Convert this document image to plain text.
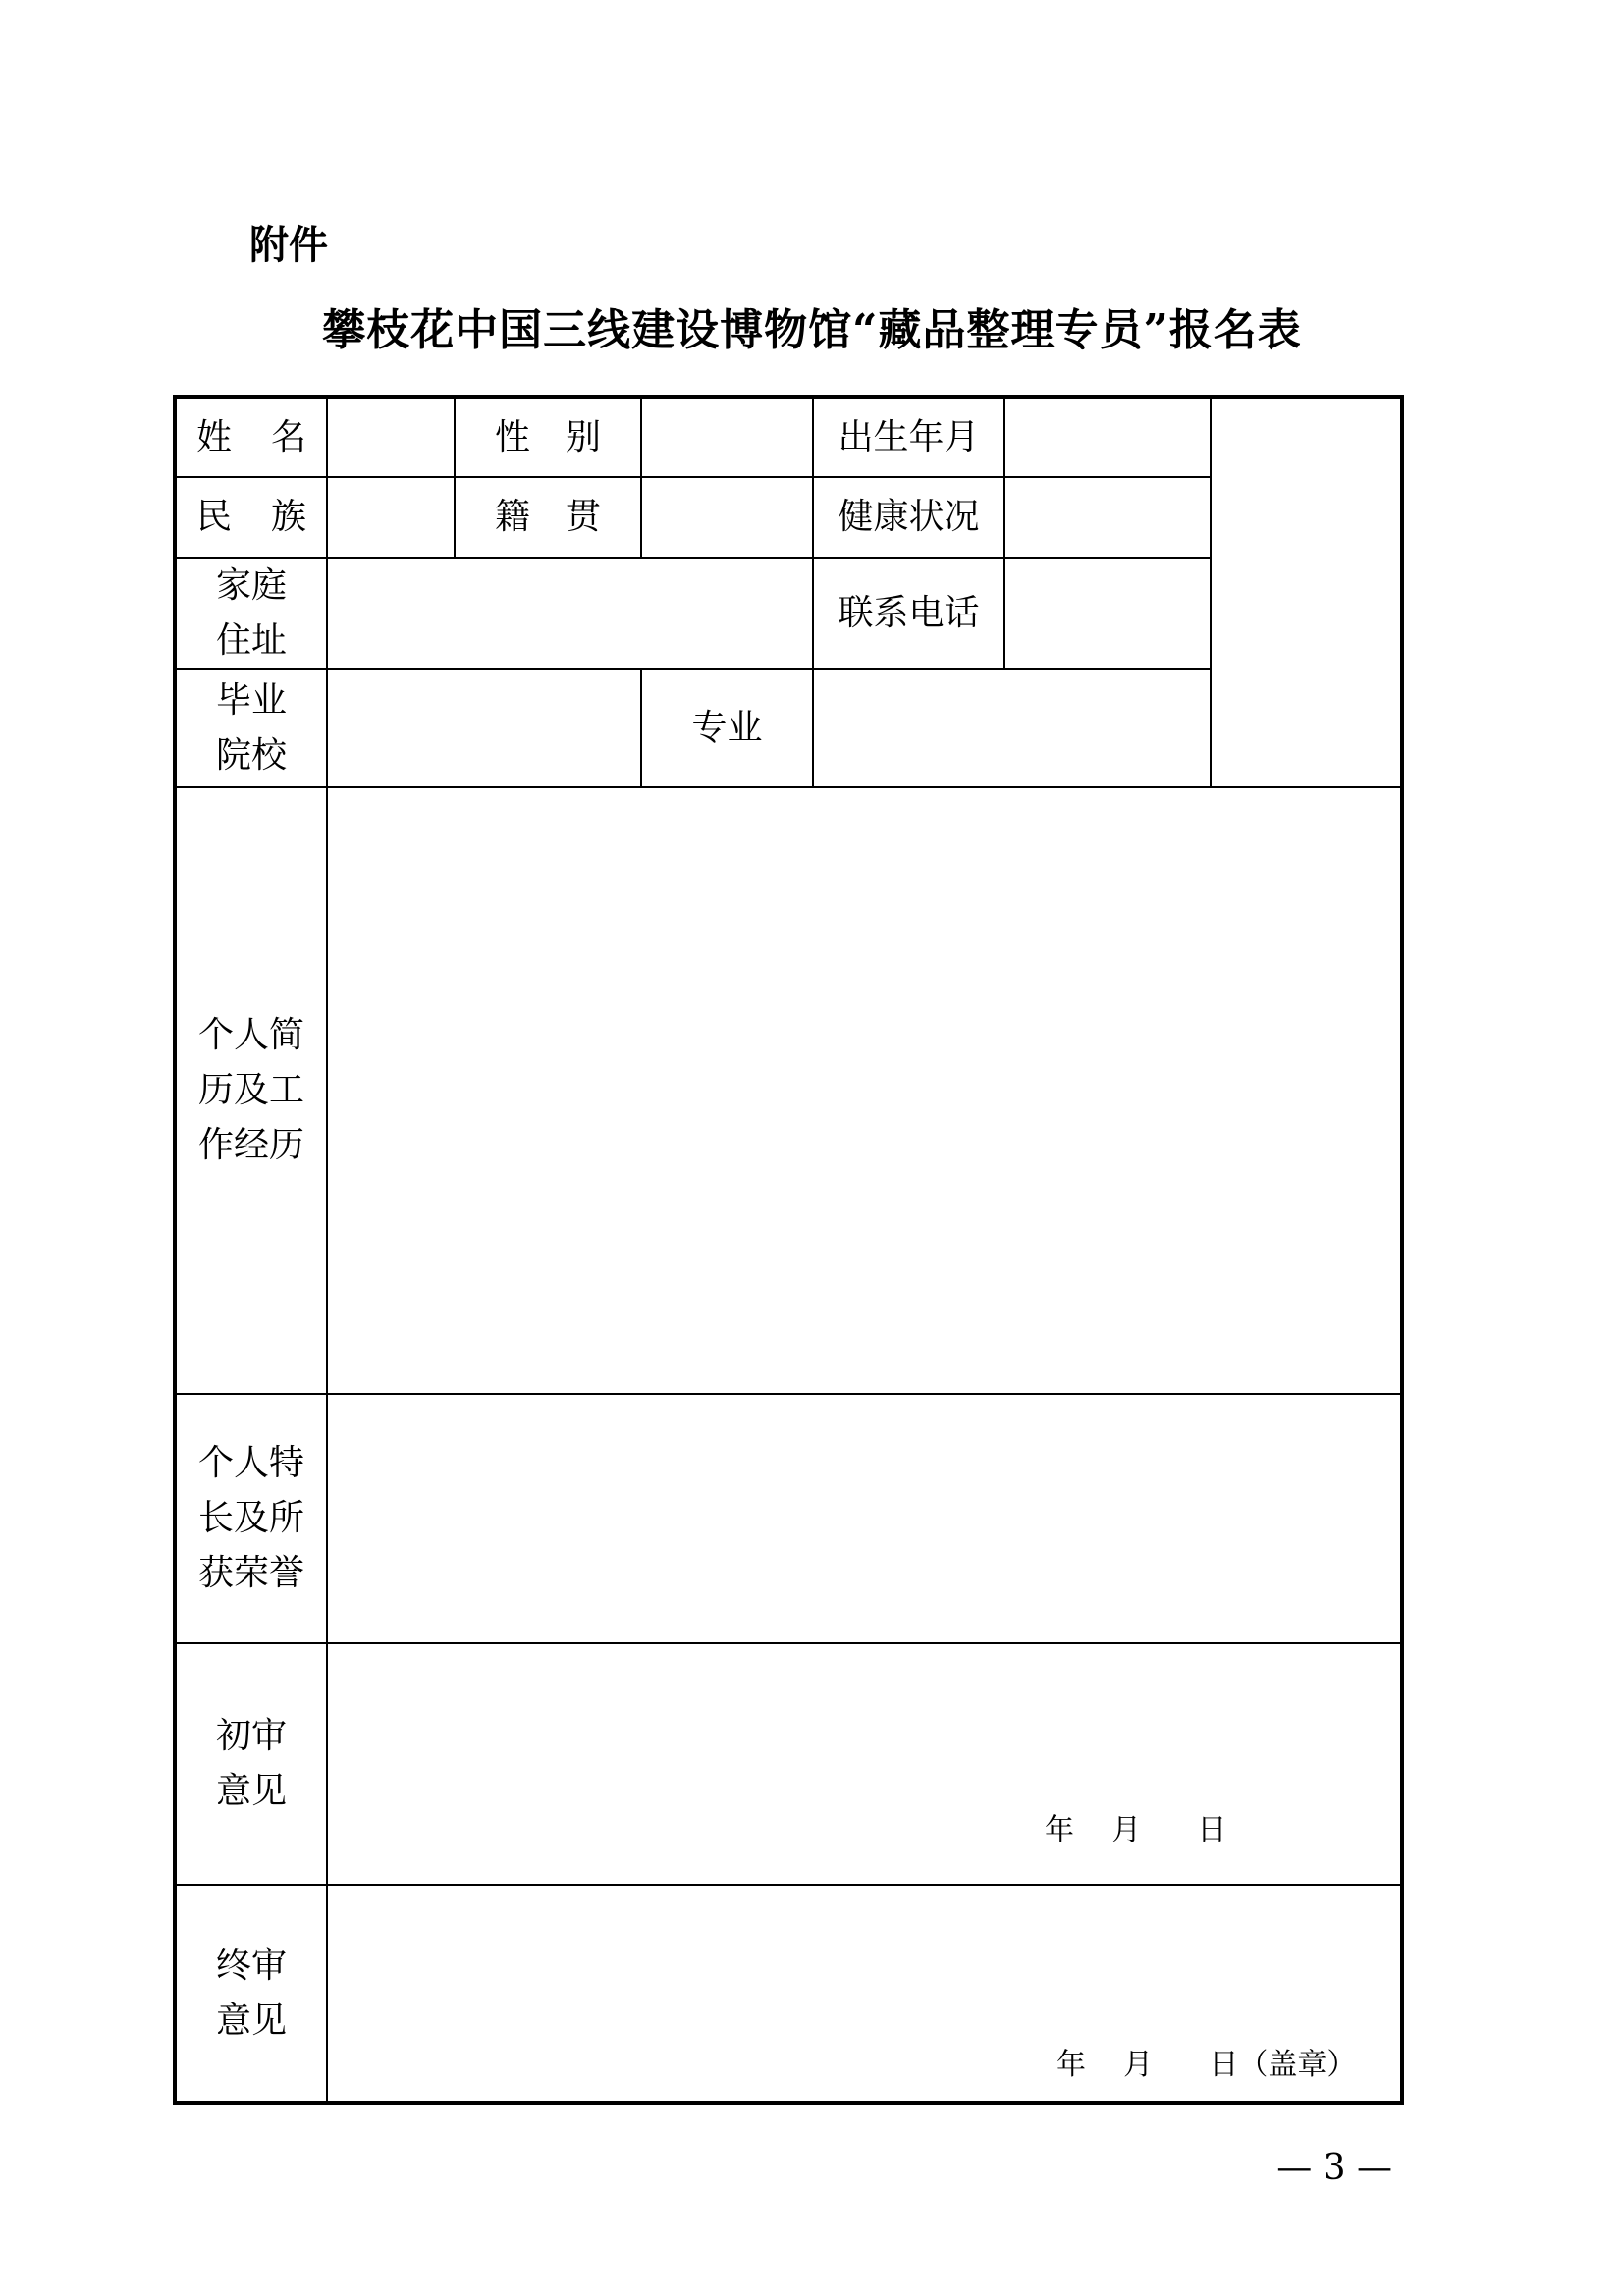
附件
攀枝花中国三线建设博物馆“藏品整理专员”报名表
姓名		性别		出生年月		
民族		籍贯		健康状况		

家庭
住址				联系电话		

毕业
院校			专业			

个人简
历及工
作经历						

个人特
长及所
获荣誉						

初审
意见	年    月      日					

终审
意见	年    月      日（盖章）					
— 3 —
